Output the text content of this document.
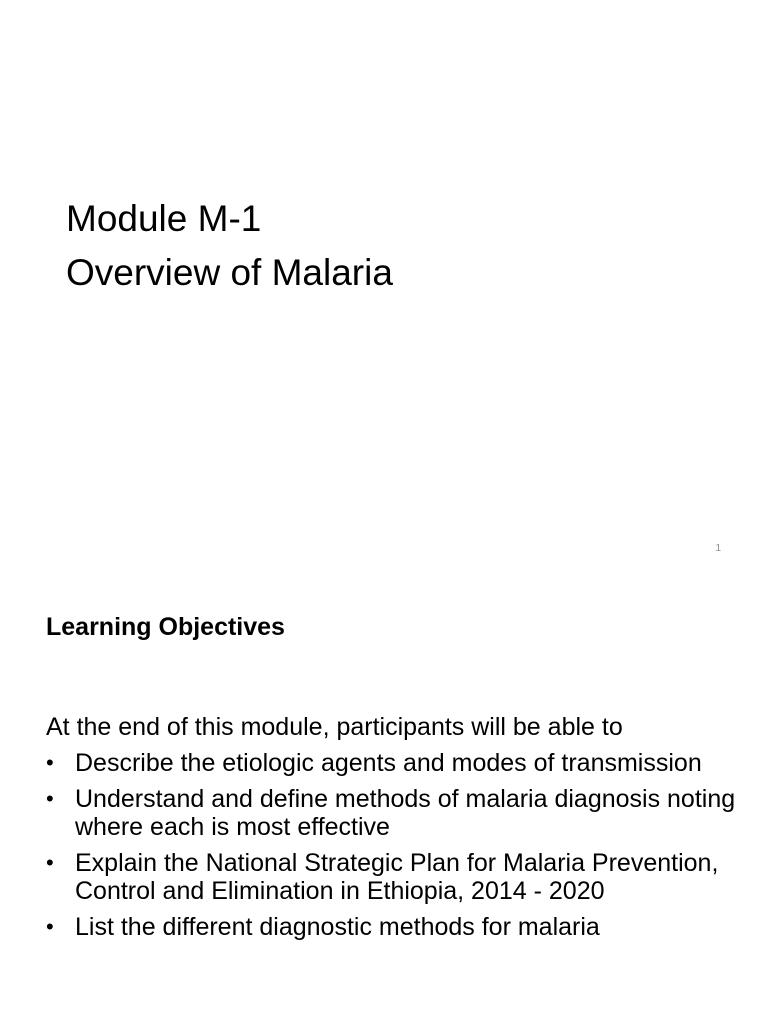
Module M-1
Overview of Malaria
1
Learning Objectives

At the end of this module, participants will be able to

• Describe the etiologic agents and modes of transmission
• Understand and define methods of malaria diagnosis noting where each is most effective
• Explain the National Strategic Plan for Malaria Prevention, Control and Elimination in Ethiopia, 2014 - 2020
• List the different diagnostic methods for malaria
